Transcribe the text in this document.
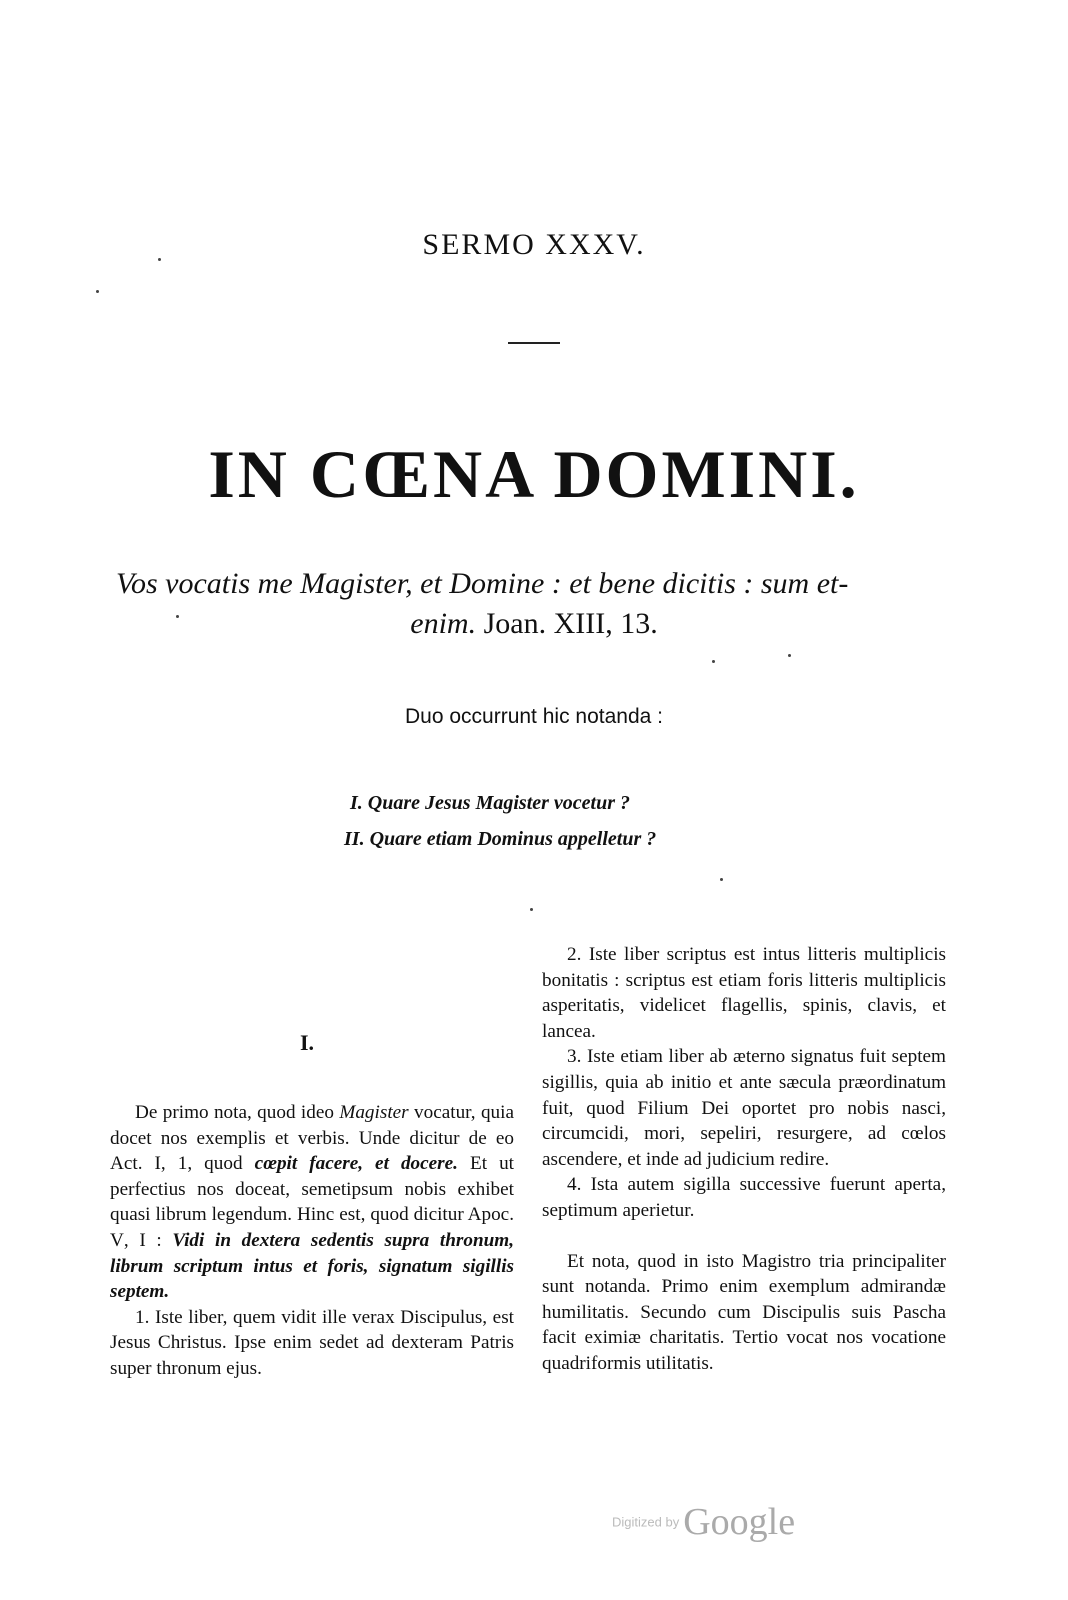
SERMO XXXV.
IN CŒNA DOMINI.
Vos vocatis me Magister, et Domine : et bene dicitis : sum et-
enim. Joan. XIII, 13.
Duo occurrunt hic notanda :
I. Quare Jesus Magister vocetur ?
II. Quare etiam Dominus appelletur ?
I.

De primo nota, quod ideo Magister vocatur, quia docet nos exemplis et verbis. Unde dicitur de eo Act. I, 1, quod cœpit facere, et docere. Et ut perfectius nos doceat, semetipsum nobis exhibet quasi librum legendum. Hinc est, quod dicitur Apoc. V, I : Vidi in dextera sedentis supra thronum, librum scriptum intus et foris, signatum sigillis septem.

1. Iste liber, quem vidit ille verax Discipulus, est Jesus Christus. Ipse enim sedet ad dexteram Patris super thronum ejus.

2. Iste liber scriptus est intus litteris multiplicis bonitatis : scriptus est etiam foris litteris multiplicis asperitatis, videlicet flagellis, spinis, clavis, et lancea.

3. Iste etiam liber ab æterno signatus fuit septem sigillis, quia ab initio et ante sæcula præordinatum fuit, quod Filium Dei oportet pro nobis nasci, circumcidi, mori, sepeliri, resurgere, ad cœlos ascendere, et inde ad judicium redire.

4. Ista autem sigilla successive fuerunt aperta, septimum aperietur.

Et nota, quod in isto Magistro tria principaliter sunt notanda. Primo enim exemplum admirandæ humilitatis. Secundo cum Discipulis suis Pascha facit eximiæ charitatis. Tertio vocat nos vocatione quadriformis utilitatis.

Digitized by Google
